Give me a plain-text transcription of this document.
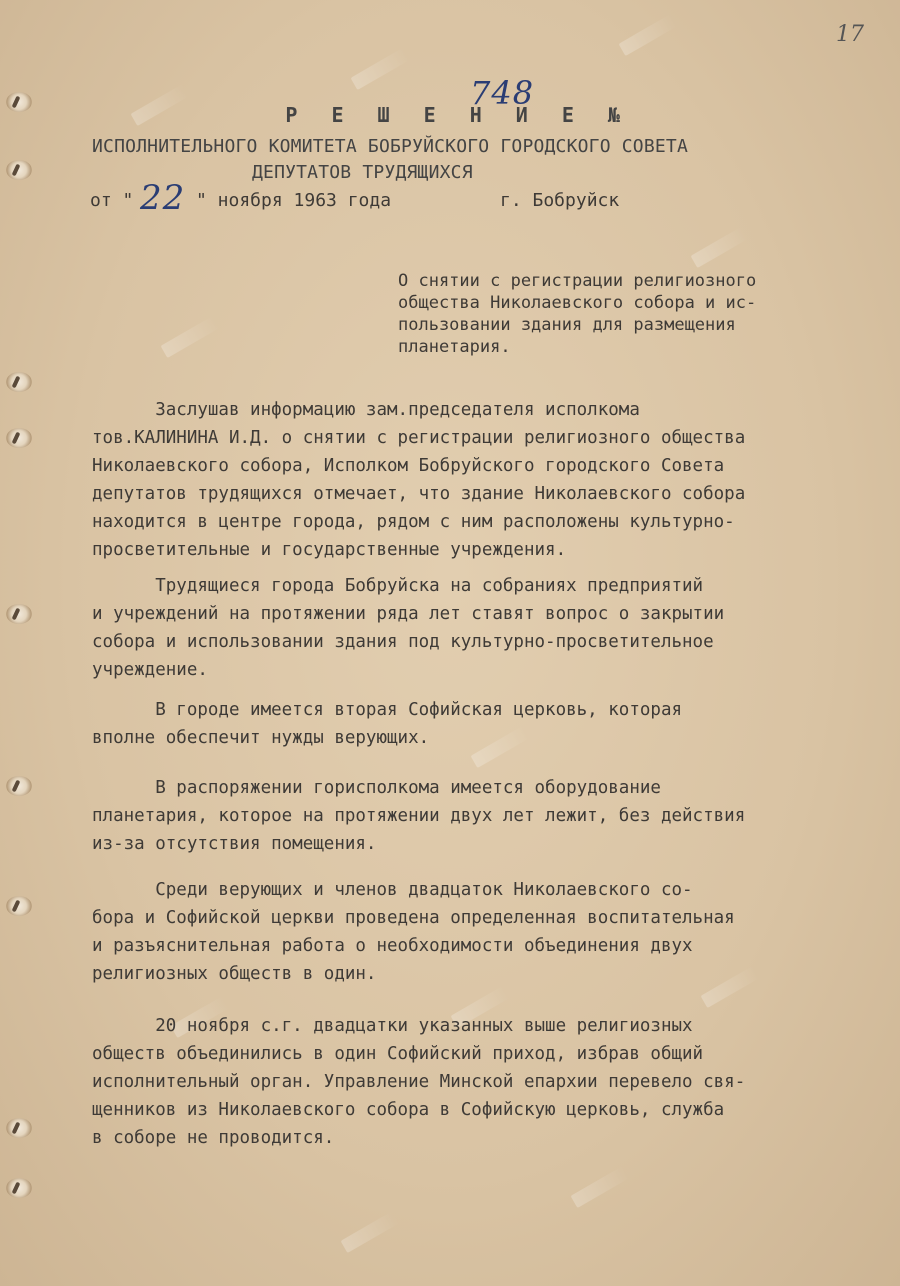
17

Р Е Ш Е Н И Е №

748
ИСПОЛНИТЕЛЬНОГО КОМИТЕТА БОБРУЙСКОГО ГОРОДСКОГО СОВЕТА
ДЕПУТАТОВ ТРУДЯЩИХСЯ
от " 22 " ноября 1963 года	г. Бобруйск
О снятии с регистрации религиозного
общества Николаевского собора и ис-
пользовании здания для размещения
планетария.
Заслушав информацию зам.председателя исполкома
тов.КАЛИНИНА И.Д. о снятии с регистрации религиозного общества
Николаевского собора, Исполком Бобруйского городского Совета
депутатов трудящихся отмечает, что здание Николаевского собора
находится в центре города, рядом с ним расположены культурно-
просветительные и государственные учреждения.
Трудящиеся города Бобруйска на собраниях предприятий
и учреждений на протяжении ряда лет ставят вопрос о закрытии
собора и использовании здания под культурно-просветительное
учреждение.
В городе имеется вторая Софийская церковь, которая
вполне обеспечит нужды верующих.
В распоряжении горисполкома имеется оборудование
планетария, которое на протяжении двух лет лежит, без действия
из-за отсутствия помещения.
Среди верующих и членов двадцаток Николаевского со-
бора и Софийской церкви проведена определенная воспитательная
и разъяснительная работа о необходимости объединения двух
религиозных обществ в один.
20 ноября с.г. двадцатки указанных выше религиозных
обществ объединились в один Софийский приход, избрав общий
исполнительный орган. Управление Минской епархии перевело свя-
щенников из Николаевского собора в Софийскую церковь, служба
в соборе не проводится.
